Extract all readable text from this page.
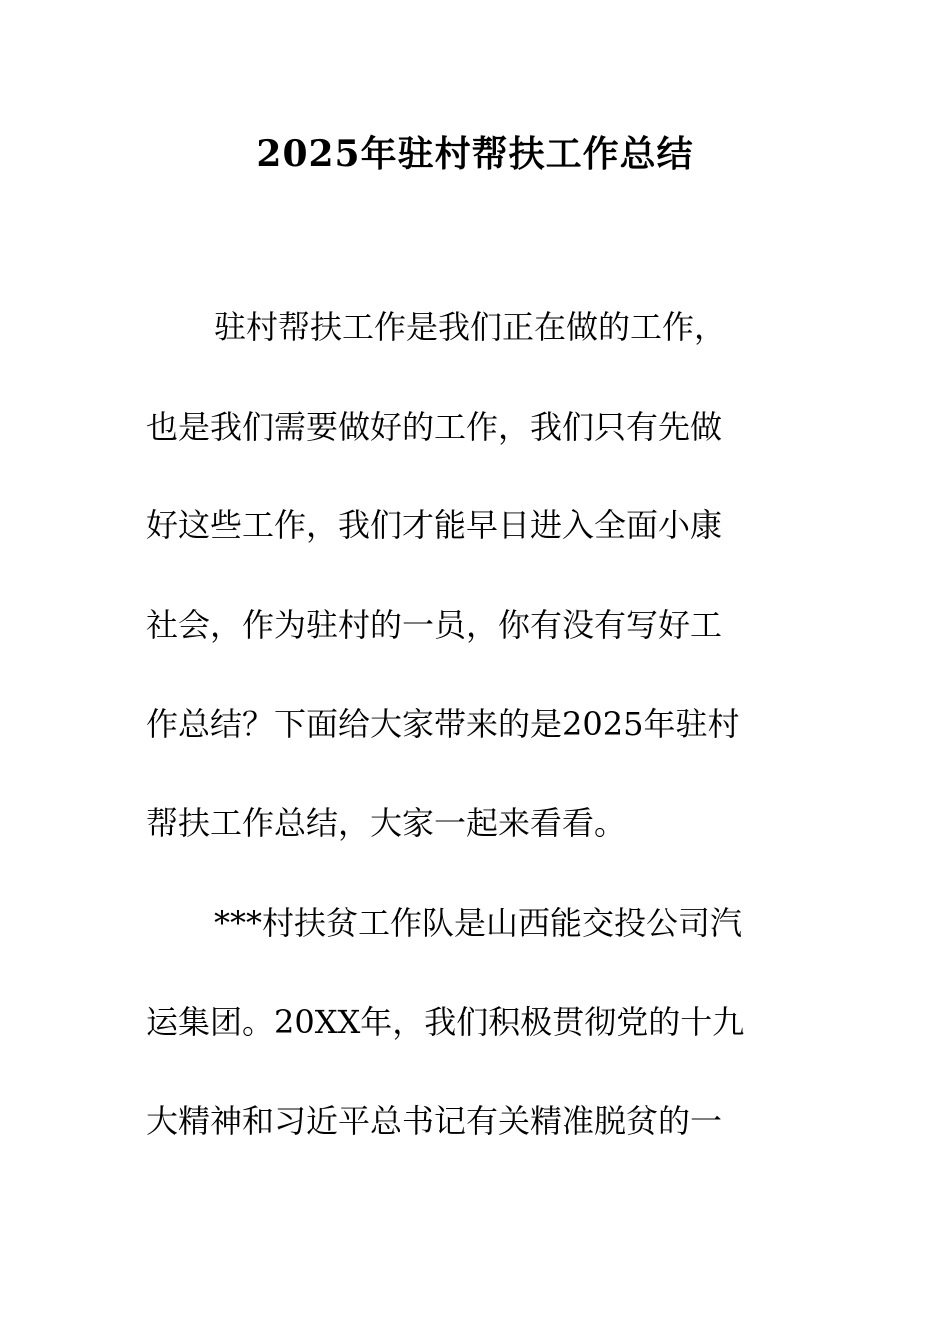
2025年驻村帮扶工作总结
驻村帮扶工作是我们正在做的工作，
也是我们需要做好的工作，我们只有先做
好这些工作，我们才能早日进入全面小康
社会，作为驻村的一员，你有没有写好工
作总结？下面给大家带来的是2025年驻村
帮扶工作总结，大家一起来看看。
***村扶贫工作队是山西能交投公司汽
运集团。20XX年，我们积极贯彻党的十九
大精神和习近平总书记有关精准脱贫的一
